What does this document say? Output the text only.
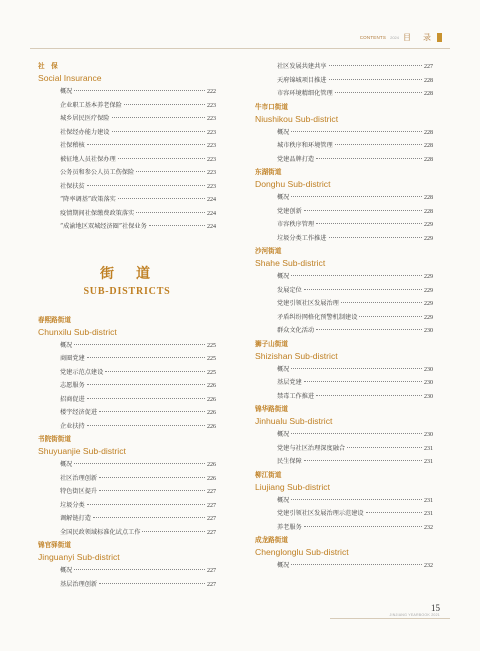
CONTENTS 2024 目　录
社　保
Social Insurance
概况	222
企业职工基本养老保险	223
城乡居民医疗保险	223
社保经办能力建设	223
社保稽核	223
被征地人员社保办理	223
公务员和参公人员工伤保险	223
社保扶贫	223
“降率调基”政策落实	224
疫情期间社保缴费政策落实	224
“成渝地区双城经济圈”社保业务	224
街　道
SUB-DISTRICTS
春熙路街道
Chunxilu Sub-district
概况	225
商圈党建	225
党建示范点建设	225
志愿服务	226
招商促进	226
楼宇经济促进	226
企业扶持	226
书院街街道
Shuyuanjie Sub-district
概况	226
社区治理创新	226
特色街区提升	227
垃圾分类	227
调解链打造	227
全国民政领域标准化试点工作	227
锦官驿街道
Jinguanyi Sub-district
概况	227
基层治理创新	227
社区发展共建共享	227
天府锦城项目推进	228
市容环境精细化管理	228
牛市口街道
Niushikou Sub-district
概况	228
城市秩序和环境管理	228
党建品牌打造	228
东湖街道
Donghu Sub-district
概况	228
党建创新	228
市容秩序管理	229
垃圾分类工作推进	229
沙河街道
Shahe Sub-district
概况	229
发展定位	229
党建引领社区发展治理	229
矛盾纠纷网格化预警机制建设	229
群众文化活动	230
狮子山街道
Shizishan Sub-district
概况	230
基层党建	230
禁毒工作推进	230
锦华路街道
Jinhualu Sub-district
概况	230
党建与社区治理深度融合	231
民生保障	231
柳江街道
Liujiang Sub-district
概况	231
党建引领社区发展治理示范建设	231
养老服务	232
成龙路街道
Chenglonglu Sub-district
概况	232
15
JINJIANG YEARBOOK 2021
